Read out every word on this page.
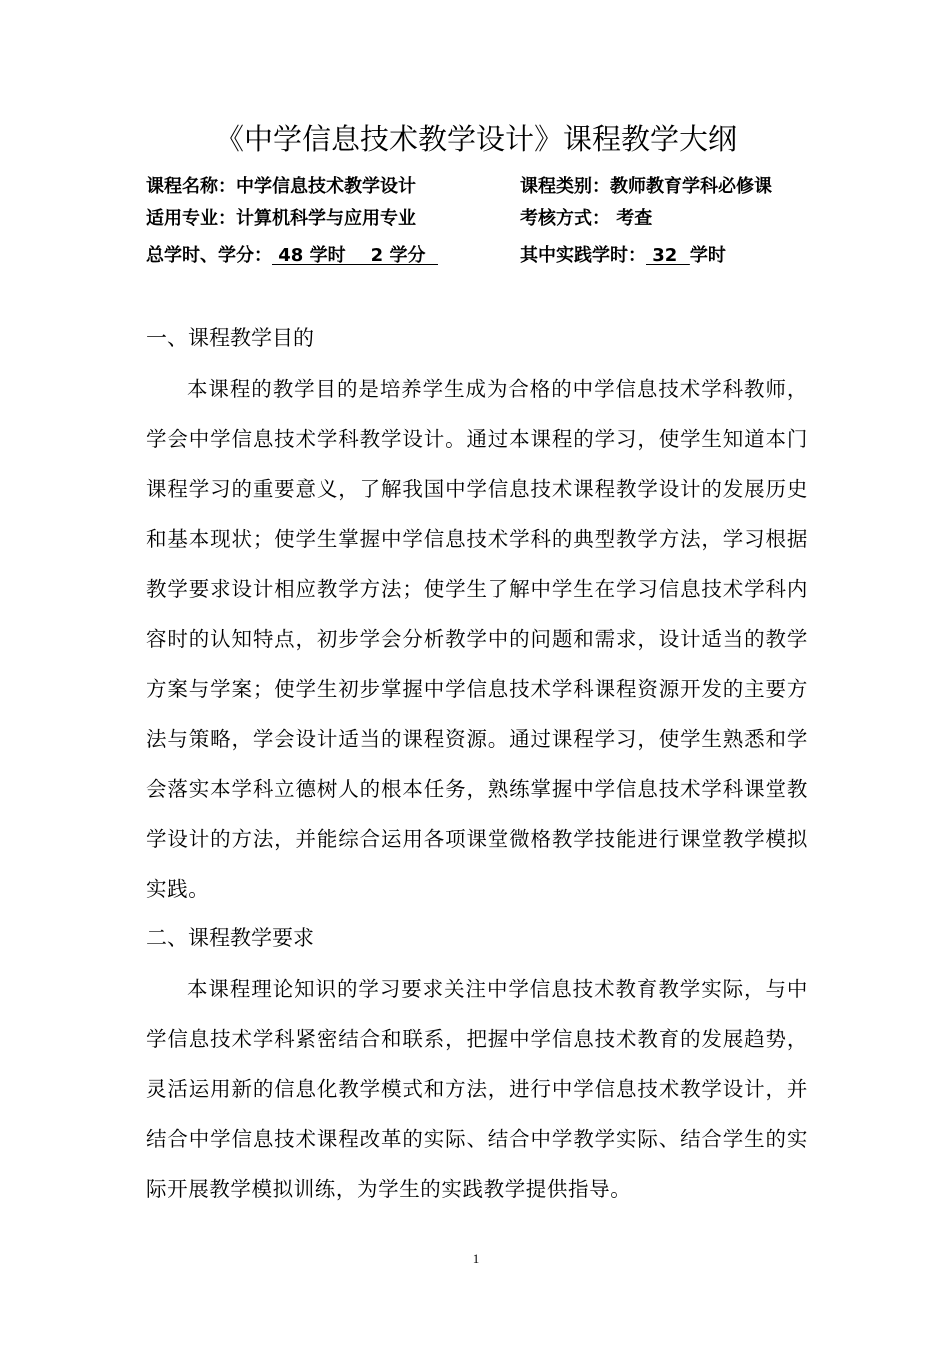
《中学信息技术教学设计》课程教学大纲
课程名称：中学信息技术教学设计	课程类别：教师教育学科必修课
适用专业：计算机科学与应用专业	考核方式： 考查
总学时、学分： 48 学时    2 学分	其中实践学时： 32  学时
一、课程教学目的

本课程的教学目的是培养学生成为合格的中学信息技术学科教师，学会中学信息技术学科教学设计。通过本课程的学习，使学生知道本门课程学习的重要意义，了解我国中学信息技术课程教学设计的发展历史和基本现状；使学生掌握中学信息技术学科的典型教学方法，学习根据教学要求设计相应教学方法；使学生了解中学生在学习信息技术学科内容时的认知特点，初步学会分析教学中的问题和需求，设计适当的教学方案与学案；使学生初步掌握中学信息技术学科课程资源开发的主要方法与策略，学会设计适当的课程资源。通过课程学习，使学生熟悉和学会落实本学科立德树人的根本任务，熟练掌握中学信息技术学科课堂教学设计的方法，并能综合运用各项课堂微格教学技能进行课堂教学模拟实践。

二、课程教学要求

本课程理论知识的学习要求关注中学信息技术教育教学实际，与中学信息技术学科紧密结合和联系，把握中学信息技术教育的发展趋势，灵活运用新的信息化教学模式和方法，进行中学信息技术教学设计，并结合中学信息技术课程改革的实际、结合中学教学实际、结合学生的实际开展教学模拟训练，为学生的实践教学提供指导。

1
